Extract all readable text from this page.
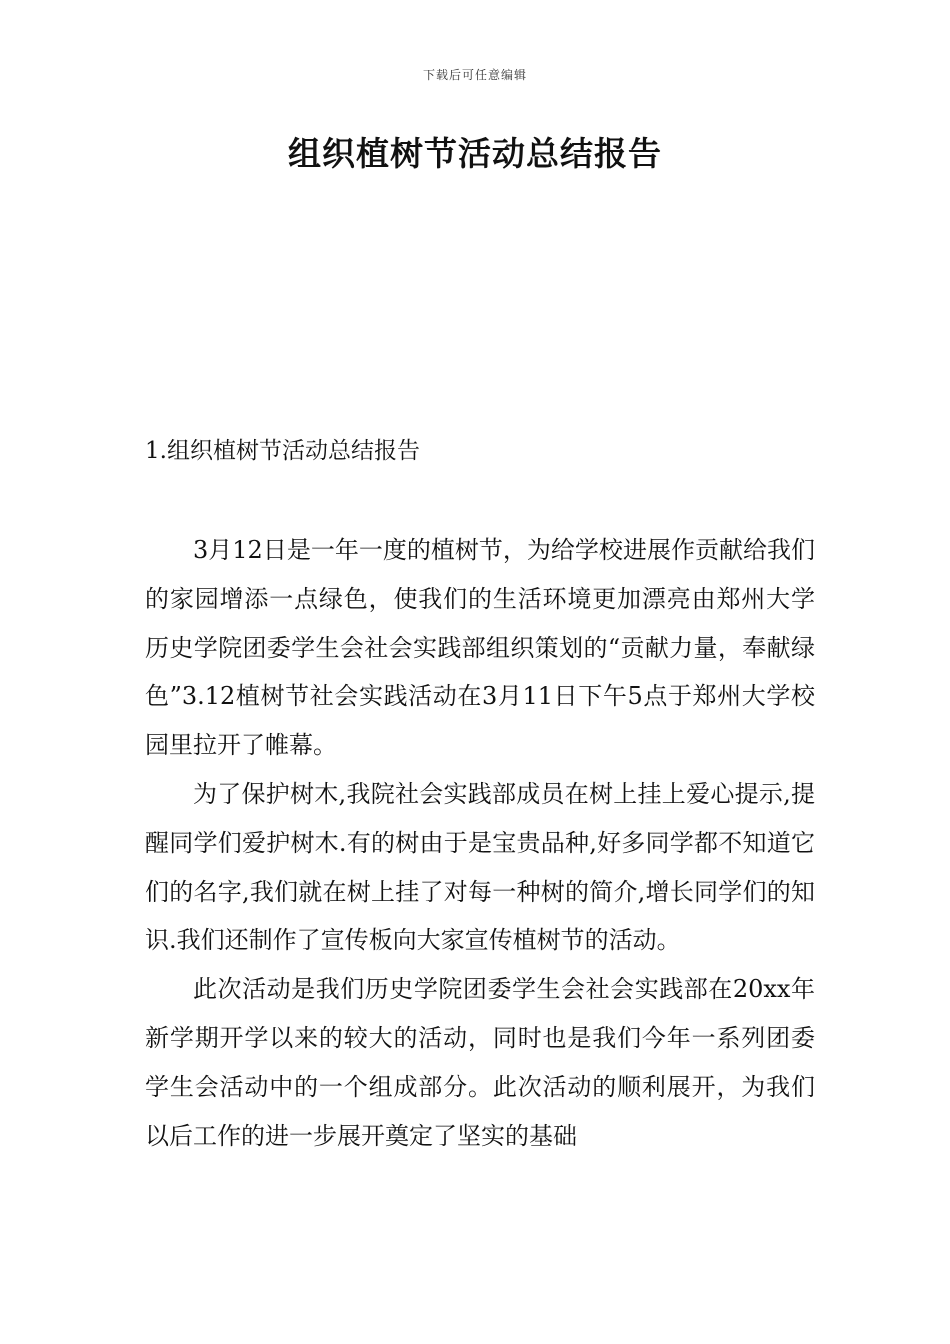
下载后可任意编辑
组织植树节活动总结报告
1.组织植树节活动总结报告

3月12日是一年一度的植树节，为给学校进展作贡献给我们的家园增添一点绿色，使我们的生活环境更加漂亮由郑州大学历史学院团委学生会社会实践部组织策划的“贡献力量，奉献绿色”3.12植树节社会实践活动在3月11日下午5点于郑州大学校园里拉开了帷幕。

为了保护树木,我院社会实践部成员在树上挂上爱心提示,提醒同学们爱护树木.有的树由于是宝贵品种,好多同学都不知道它们的名字,我们就在树上挂了对每一种树的简介,增长同学们的知识.我们还制作了宣传板向大家宣传植树节的活动。

此次活动是我们历史学院团委学生会社会实践部在20xx年新学期开学以来的较大的活动，同时也是我们今年一系列团委学生会活动中的一个组成部分。此次活动的顺利展开，为我们以后工作的进一步展开奠定了坚实的基础
